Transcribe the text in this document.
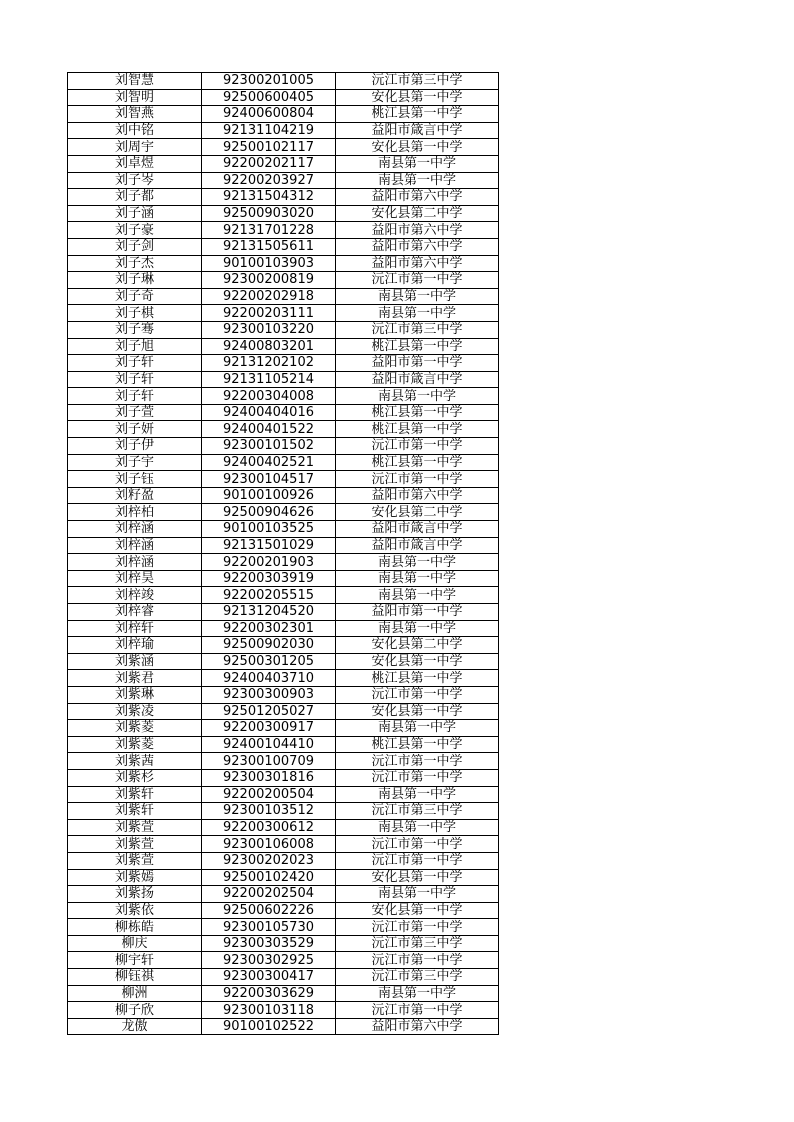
刘智慧	92300201005	沅江市第三中学
刘智明	92500600405	安化县第一中学
刘智燕	92400600804	桃江县第一中学
刘中铭	92131104219	益阳市箴言中学
刘周宇	92500102117	安化县第一中学
刘卓煜	92200202117	南县第一中学
刘子岑	92200203927	南县第一中学
刘子都	92131504312	益阳市第六中学
刘子涵	92500903020	安化县第二中学
刘子豪	92131701228	益阳市第六中学
刘子剑	92131505611	益阳市第六中学
刘子杰	90100103903	益阳市第六中学
刘子琳	92300200819	沅江市第一中学
刘子奇	92200202918	南县第一中学
刘子棋	92200203111	南县第一中学
刘子骞	92300103220	沅江市第三中学
刘子旭	92400803201	桃江县第一中学
刘子轩	92131202102	益阳市第一中学
刘子轩	92131105214	益阳市箴言中学
刘子轩	92200304008	南县第一中学
刘子萱	92400404016	桃江县第一中学
刘子妍	92400401522	桃江县第一中学
刘子伊	92300101502	沅江市第一中学
刘子宇	92400402521	桃江县第一中学
刘子钰	92300104517	沅江市第一中学
刘籽盈	90100100926	益阳市第六中学
刘梓柏	92500904626	安化县第二中学
刘梓涵	90100103525	益阳市箴言中学
刘梓涵	92131501029	益阳市箴言中学
刘梓涵	92200201903	南县第一中学
刘梓昊	92200303919	南县第一中学
刘梓竣	92200205515	南县第一中学
刘梓睿	92131204520	益阳市第一中学
刘梓轩	92200302301	南县第一中学
刘梓瑜	92500902030	安化县第二中学
刘紫涵	92500301205	安化县第一中学
刘紫君	92400403710	桃江县第一中学
刘紫琳	92300300903	沅江市第一中学
刘紫凌	92501205027	安化县第一中学
刘紫菱	92200300917	南县第一中学
刘紫菱	92400104410	桃江县第一中学
刘紫茜	92300100709	沅江市第一中学
刘紫杉	92300301816	沅江市第一中学
刘紫轩	92200200504	南县第一中学
刘紫轩	92300103512	沅江市第三中学
刘紫萱	92200300612	南县第一中学
刘紫萱	92300106008	沅江市第一中学
刘紫萱	92300202023	沅江市第一中学
刘紫嫣	92500102420	安化县第一中学
刘紫扬	92200202504	南县第一中学
刘紫依	92500602226	安化县第一中学
柳栋皓	92300105730	沅江市第一中学
柳庆	92300303529	沅江市第三中学
柳宇轩	92300302925	沅江市第一中学
柳钰祺	92300300417	沅江市第三中学
柳洲	92200303629	南县第一中学
柳子欣	92300103118	沅江市第一中学
龙傲	90100102522	益阳市第六中学
